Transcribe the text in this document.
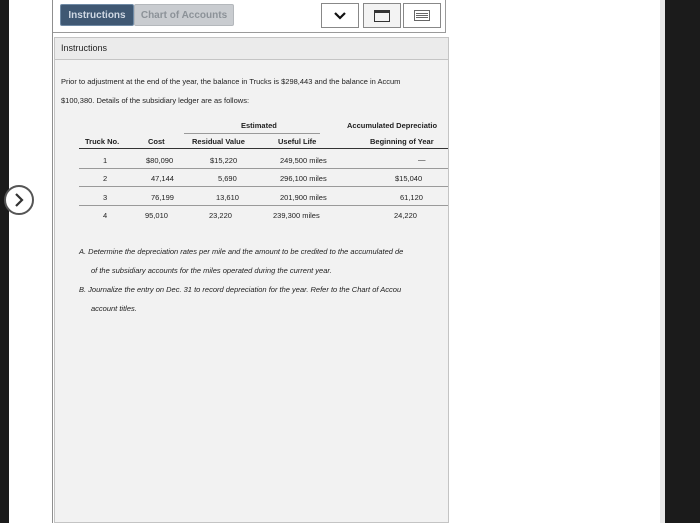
Instructions	Chart of Accounts
Instructions
Prior to adjustment at the end of the year, the balance in Trucks is $298,443 and the balance in Accum
$100,380. Details of the subsidiary ledger are as follows:
Estimated	Accumulated Depreciatio
Truck No.	Cost	Residual Value	Useful Life	Beginning of Year
1	$80,090	$15,220	249,500 miles	—
2	47,144	5,690	296,100 miles	$15,040
3	76,199	13,610	201,900 miles	61,120
4	95,010	23,220	239,300 miles	24,220
A. Determine the depreciation rates per mile and the amount to be credited to the accumulated de
of the subsidiary accounts for the miles operated during the current year.
B. Journalize the entry on Dec. 31 to record depreciation for the year. Refer to the Chart of Accou
account titles.
